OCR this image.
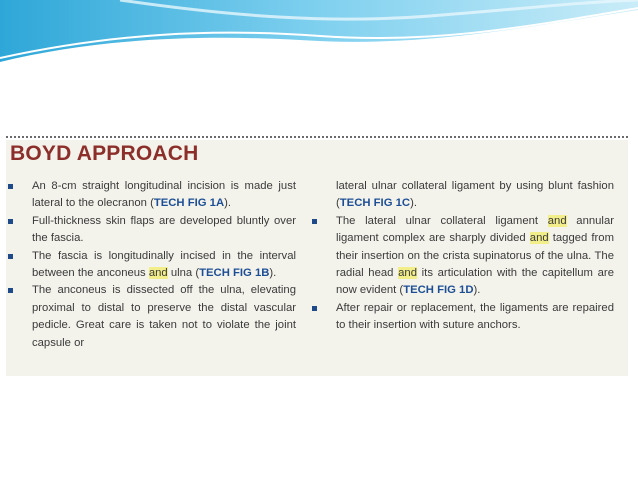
BOYD APPROACH
An 8-cm straight longitudinal incision is made just lateral to the olecranon (TECH FIG 1A).
Full-thickness skin flaps are developed bluntly over the fascia.
The fascia is longitudinally incised in the interval between the anconeus and ulna (TECH FIG 1B).
The anconeus is dissected off the ulna, elevating proximal to distal to preserve the distal vascular pedicle. Great care is taken not to violate the joint capsule or
lateral ulnar collateral ligament by using blunt fashion (TECH FIG 1C).
The lateral ulnar collateral ligament and annular ligament complex are sharply divided and tagged from their insertion on the crista supinatorus of the ulna. The radial head and its articulation with the capitellum are now evident (TECH FIG 1D).
After repair or replacement, the ligaments are repaired to their insertion with suture anchors.
